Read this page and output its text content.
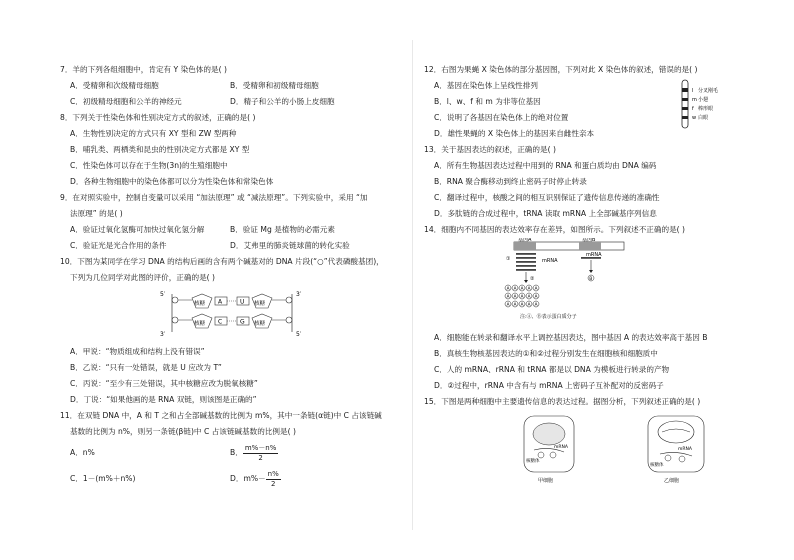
7．羊的下列各组细胞中，肯定有 Y 染色体的是( )
A．受精卵和次级精母细胞	B．受精卵和初级精母细胞
C．初级精母细胞和公羊的神经元	D．精子和公羊的小肠上皮细胞
8．下列关于性染色体和性别决定方式的叙述，正确的是( )
A．生物性别决定的方式只有 XY 型和 ZW 型两种
B．哺乳类、两栖类和昆虫的性别决定方式都是 XY 型
C．性染色体可以存在于生物(3n)的生殖细胞中
D．各种生物细胞中的染色体都可以分为性染色体和常染色体
9．在对照实验中，控制自变量可以采用 “加法原理” 或 “减法原理”。下列实验中，采用 “加
法原理” 的是( )
A．验证过氧化氢酶可加快过氧化氢分解	B．验证 Mg 是植物的必需元素
C．验证光是光合作用的条件	D．艾弗里的肺炎链球菌的转化实验
10．下图为某同学在学习 DNA 的结构后画的含有两个碱基对的 DNA 片段(“○”代表磷酸基团)，
下列为几位同学对此图的评价，正确的是( )
5′	3′
3′	5′
核糖
核糖
核糖
核糖
A	U
C	G
A．甲说：“物质组成和结构上没有错误”
B．乙说：“只有一处错误，就是 U 应改为 T”
C．丙说：“至少有三处错误，其中核糖应改为脱氧核糖”
D．丁说：“如果他画的是 RNA 双链，则该图是正确的”
11．在双链 DNA 中，A 和 T 之和占全部碱基数的比例为 m%，其中一条链(α链)中 C 占该链碱
基数的比例为 n%，则另一条链(β链)中 C 占该链碱基数的比例是( )
A．n%	B．
m%－n%
2
C．1－(m%＋n%)	D．m%－
n%
2
12．右图为果蝇 X 染色体的部分基因图，下列对此 X 染色体的叙述，错误的是( )
A．基因在染色体上呈线性排列
B．l、w、f 和 m 为非等位基因
C．说明了各基因在染色体上的绝对位置
D．雄性果蝇的 X 染色体上的基因来自雌性亲本
l 分叉刚毛
m 小翅
f 棒形眼
w 白眼
13．关于基因表达的叙述，正确的是( )
A．所有生物基因表达过程中用到的 RNA 和蛋白质均由 DNA 编码
B．RNA 聚合酶移动到终止密码子时停止转录
C．翻译过程中，核酸之间的相互识别保证了遗传信息传递的准确性
D．多肽链的合成过程中，tRNA 读取 mRNA 上全部碱基序列信息
14．细胞内不同基因的表达效率存在差异，如图所示。下列叙述不正确的是( )
基因A	基因B
①	mRNA
mRNA
②
A A A A A
A A A A A
A A A A A
B
注:Ⓐ、Ⓑ表示蛋白质分子
A．细胞能在转录和翻译水平上调控基因表达，图中基因 A 的表达效率高于基因 B
B．真核生物核基因表达的①和②过程分别发生在细胞核和细胞质中
C．人的 mRNA、rRNA 和 tRNA 都是以 DNA 为模板进行转录的产物
D．②过程中，rRNA 中含有与 mRNA 上密码子互补配对的反密码子
15．下图是两种细胞中主要遗传信息的表达过程。据图分析，下列叙述正确的是( )
核糖体
mRNA
甲细胞
核糖体
mRNA
乙细胞
